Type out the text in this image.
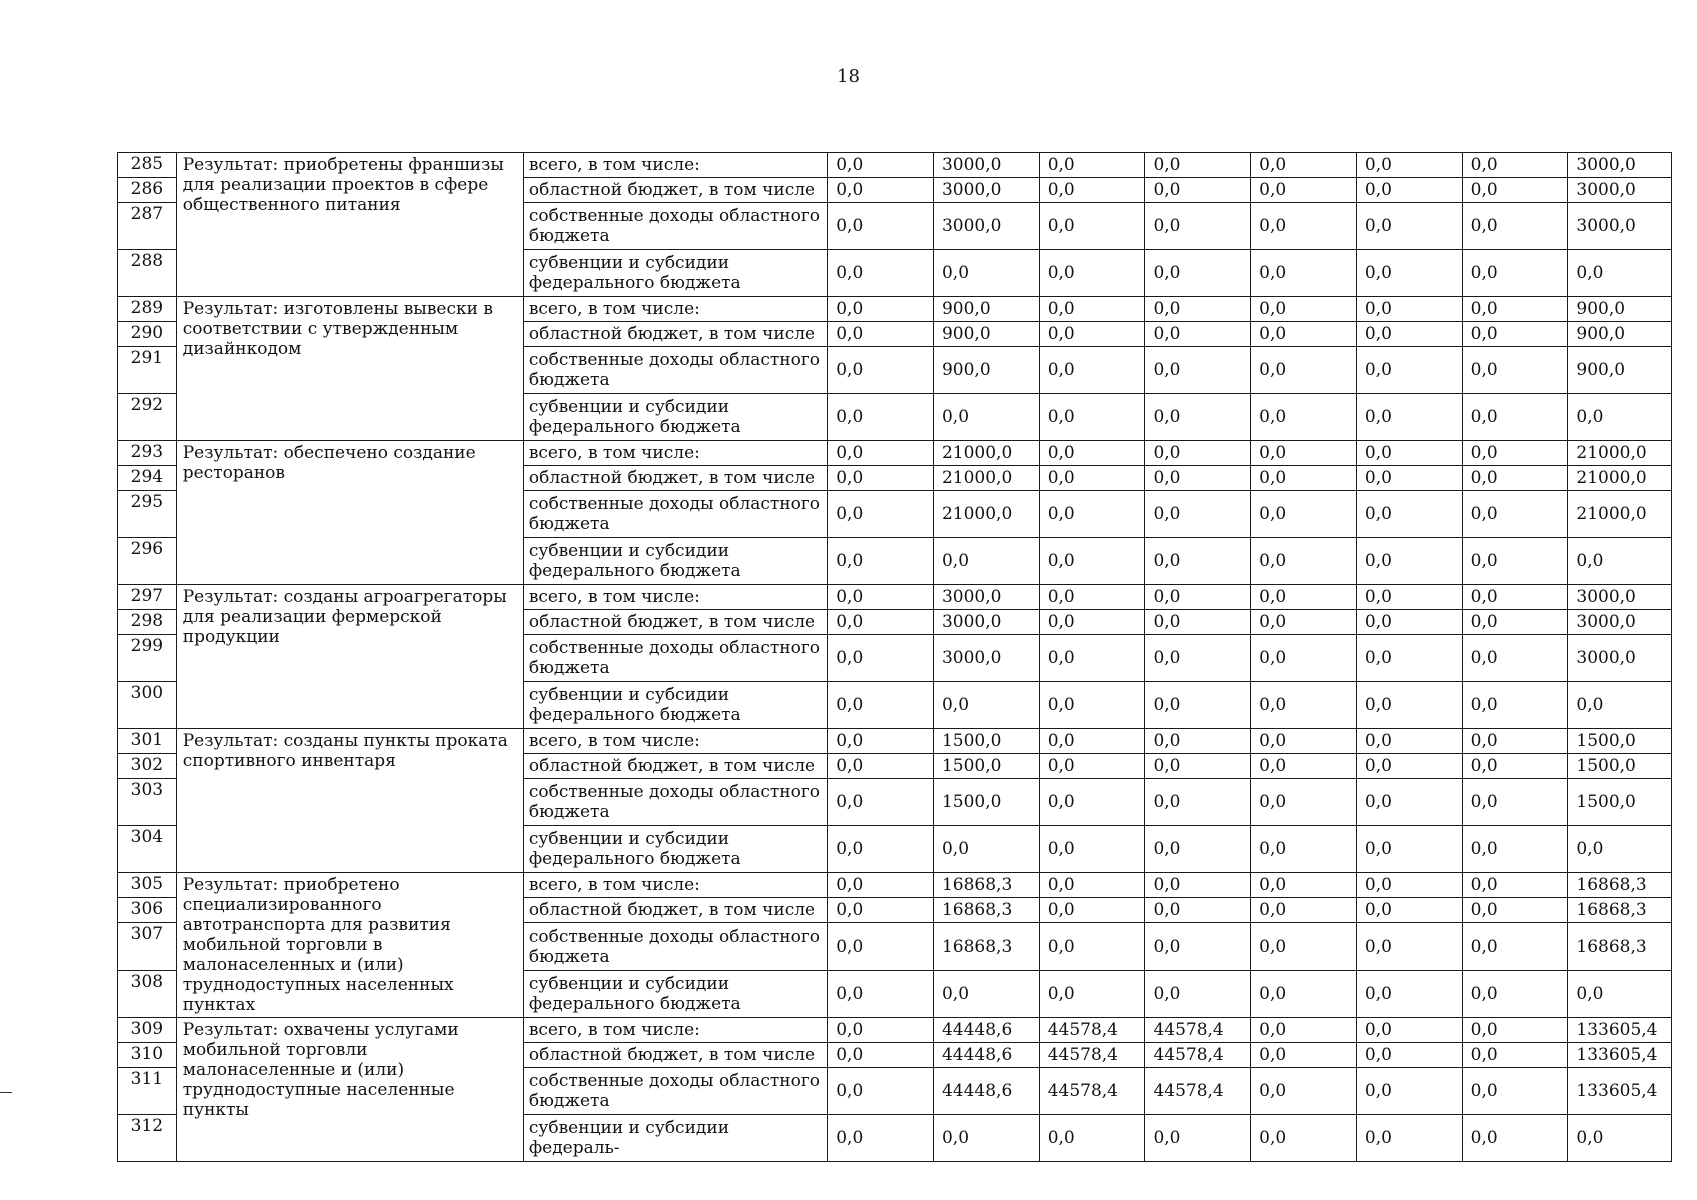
18
285	Результат: приобретены франшизы для реализации проектов в сфере общественного питания	всего, в том числе:	0,0	3000,0	0,0	0,0	0,0	0,0	0,0	3000,0
286		областной бюджет, в том числе	0,0	3000,0	0,0	0,0	0,0	0,0	0,0	3000,0
287		собственные доходы областного бюджета	0,0	3000,0	0,0	0,0	0,0	0,0	0,0	3000,0
288		субвенции и субсидии федерального бюджета	0,0	0,0	0,0	0,0	0,0	0,0	0,0	0,0
289	Результат: изготовлены вывески в соответствии с утвержденным дизайнкодом	всего, в том числе:	0,0	900,0	0,0	0,0	0,0	0,0	0,0	900,0
290		областной бюджет, в том числе	0,0	900,0	0,0	0,0	0,0	0,0	0,0	900,0
291		собственные доходы областного бюджета	0,0	900,0	0,0	0,0	0,0	0,0	0,0	900,0
292		субвенции и субсидии федерального бюджета	0,0	0,0	0,0	0,0	0,0	0,0	0,0	0,0
293	Результат: обеспечено создание ресторанов	всего, в том числе:	0,0	21000,0	0,0	0,0	0,0	0,0	0,0	21000,0
294		областной бюджет, в том числе	0,0	21000,0	0,0	0,0	0,0	0,0	0,0	21000,0
295		собственные доходы областного бюджета	0,0	21000,0	0,0	0,0	0,0	0,0	0,0	21000,0
296		субвенции и субсидии федерального бюджета	0,0	0,0	0,0	0,0	0,0	0,0	0,0	0,0
297	Результат: созданы агроагрегаторы для реализации фермерской продукции	всего, в том числе:	0,0	3000,0	0,0	0,0	0,0	0,0	0,0	3000,0
298		областной бюджет, в том числе	0,0	3000,0	0,0	0,0	0,0	0,0	0,0	3000,0
299		собственные доходы областного бюджета	0,0	3000,0	0,0	0,0	0,0	0,0	0,0	3000,0
300		субвенции и субсидии федерального бюджета	0,0	0,0	0,0	0,0	0,0	0,0	0,0	0,0
301	Результат: созданы пункты проката спортивного инвентаря	всего, в том числе:	0,0	1500,0	0,0	0,0	0,0	0,0	0,0	1500,0
302		областной бюджет, в том числе	0,0	1500,0	0,0	0,0	0,0	0,0	0,0	1500,0
303		собственные доходы областного бюджета	0,0	1500,0	0,0	0,0	0,0	0,0	0,0	1500,0
304		субвенции и субсидии федерального бюджета	0,0	0,0	0,0	0,0	0,0	0,0	0,0	0,0
305	Результат: приобретено специализированного автотранспорта для развития мобильной торговли в малонаселенных и (или) труднодоступных населенных пунктах	всего, в том числе:	0,0	16868,3	0,0	0,0	0,0	0,0	0,0	16868,3
306		областной бюджет, в том числе	0,0	16868,3	0,0	0,0	0,0	0,0	0,0	16868,3
307		собственные доходы областного бюджета	0,0	16868,3	0,0	0,0	0,0	0,0	0,0	16868,3
308		субвенции и субсидии федерального бюджета	0,0	0,0	0,0	0,0	0,0	0,0	0,0	0,0
309	Результат: охвачены услугами мобильной торговли малонаселенные и (или) труднодоступные населенные пункты	всего, в том числе:	0,0	44448,6	44578,4	44578,4	0,0	0,0	0,0	133605,4
310		областной бюджет, в том числе	0,0	44448,6	44578,4	44578,4	0,0	0,0	0,0	133605,4
311		собственные доходы областного бюджета	0,0	44448,6	44578,4	44578,4	0,0	0,0	0,0	133605,4
312		субвенции и субсидии федераль-	0,0	0,0	0,0	0,0	0,0	0,0	0,0	0,0
